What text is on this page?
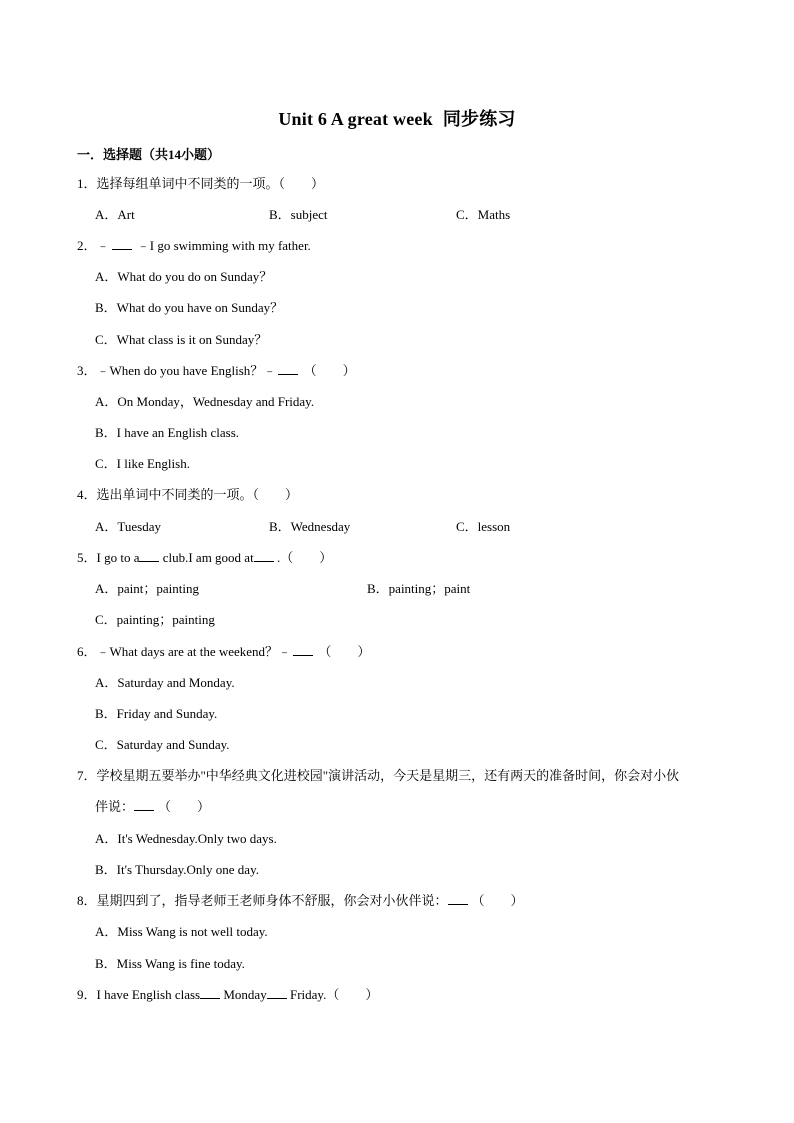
Unit 6 A great week 同步练习
一．选择题（共14小题）
1．选择每组单词中不同类的一项。（　　）
A．Art	B．subject	C．Maths
2．﹣ ﹣I go swimming with my father.
A．What do you do on Sunday？
B．What do you have on Sunday？
C．What class is it on Sunday？
3．﹣When do you have English？﹣ （　　）
A．On Monday，Wednesday and Friday.
B．I have an English class.
C．I like English.
4．选出单词中不同类的一项。（　　）
A．Tuesday	B．Wednesday	C．lesson
5．I go to a club.I am good at .（　　）
A．paint；painting	B．painting；paint
C．painting；painting
6．﹣What days are at the weekend？﹣ （　　）
A．Saturday and Monday.
B．Friday and Sunday.
C．Saturday and Sunday.
7．学校星期五要举办"中华经典文化进校园"演讲活动，今天是星期三，还有两天的准备时间，你会对小伙
伴说： （　　）
A．It's Wednesday.Only two days.
B．It's Thursday.Only one day.
8．星期四到了，指导老师王老师身体不舒服，你会对小伙伴说： （　　）
A．Miss Wang is not well today.
B．Miss Wang is fine today.
9．I have English class Monday Friday.（　　）
